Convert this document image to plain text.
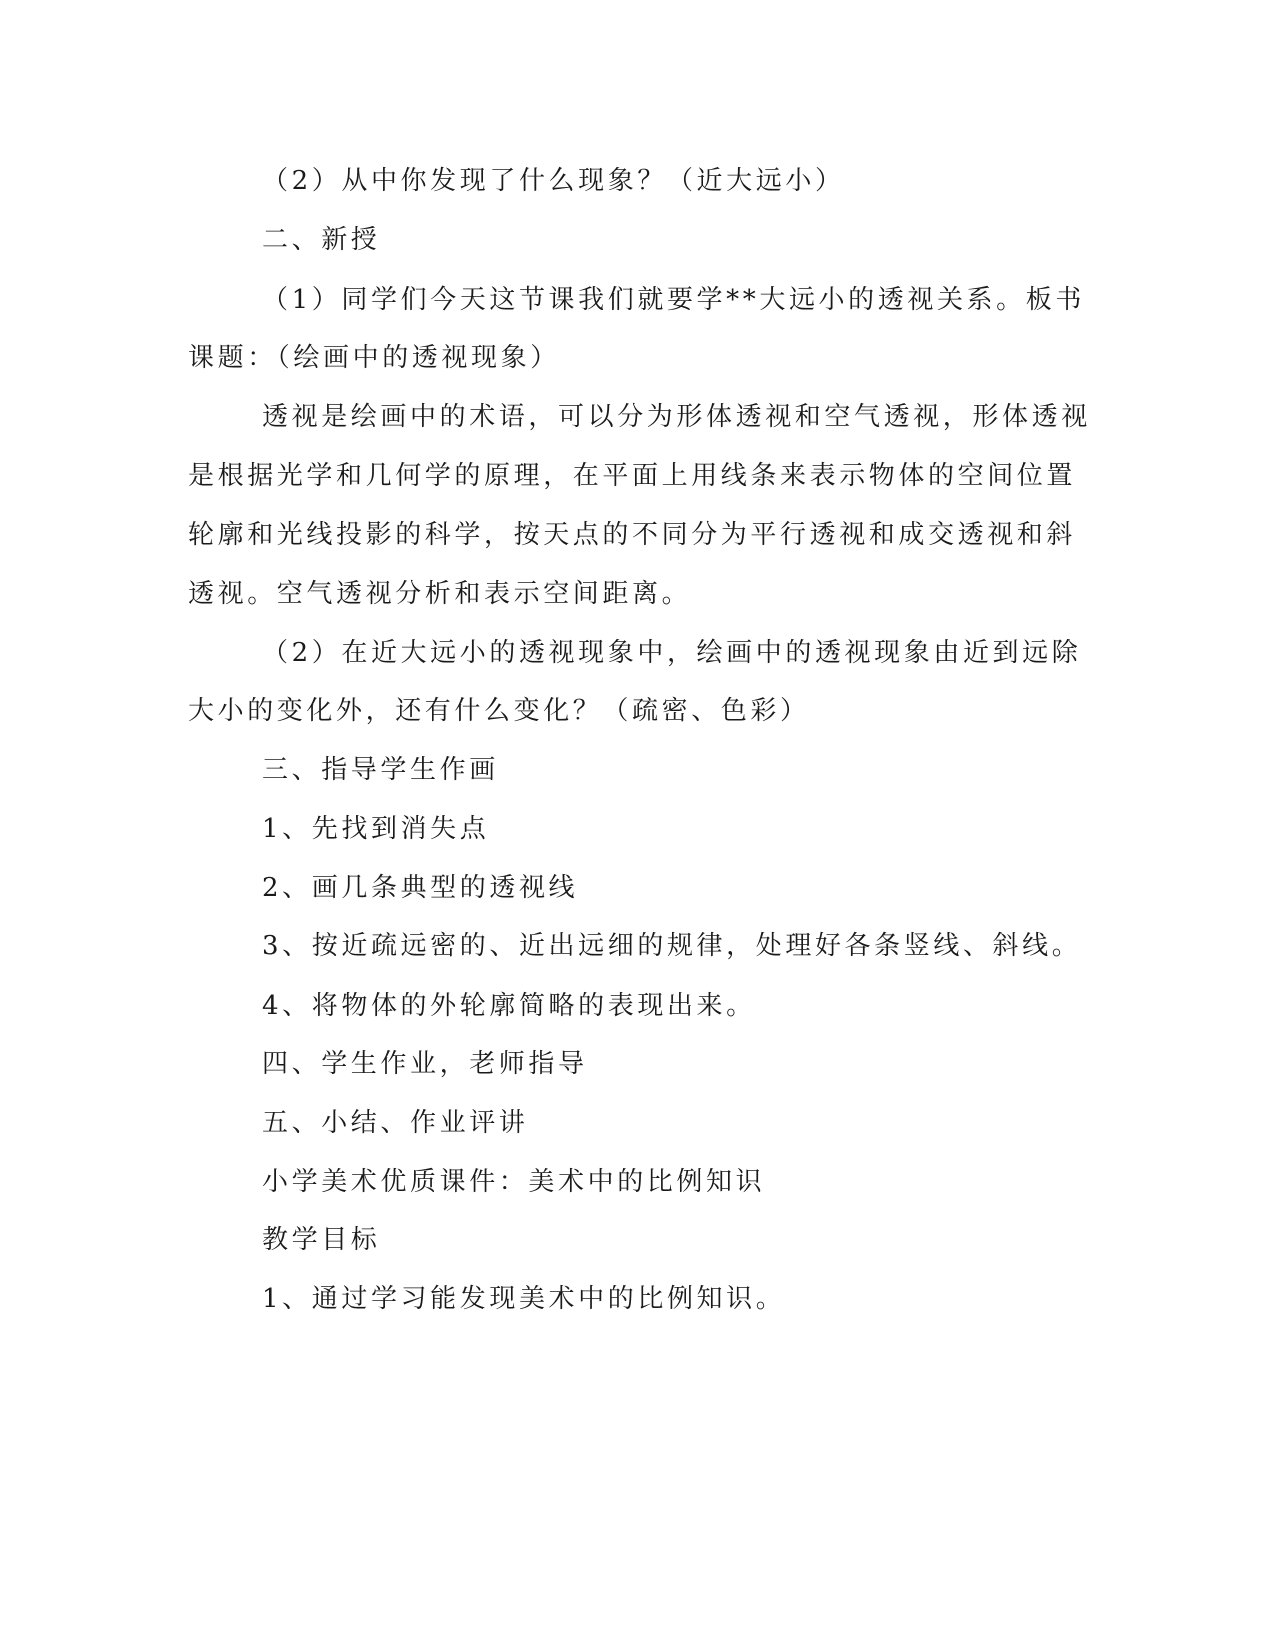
（2）从中你发现了什么现象？（近大远小）
二、新授
（1）同学们今天这节课我们就要学**大远小的透视关系。板书
课题：（绘画中的透视现象）
透视是绘画中的术语，可以分为形体透视和空气透视，形体透视
是根据光学和几何学的原理，在平面上用线条来表示物体的空间位置
轮廓和光线投影的科学，按天点的不同分为平行透视和成交透视和斜
透视。空气透视分析和表示空间距离。
（2）在近大远小的透视现象中，绘画中的透视现象由近到远除
大小的变化外，还有什么变化？（疏密、色彩）
三、指导学生作画
1、先找到消失点
2、画几条典型的透视线
3、按近疏远密的、近出远细的规律，处理好各条竖线、斜线。
4、将物体的外轮廓简略的表现出来。
四、学生作业，老师指导
五、小结、作业评讲
小学美术优质课件：美术中的比例知识
教学目标
1、通过学习能发现美术中的比例知识。
